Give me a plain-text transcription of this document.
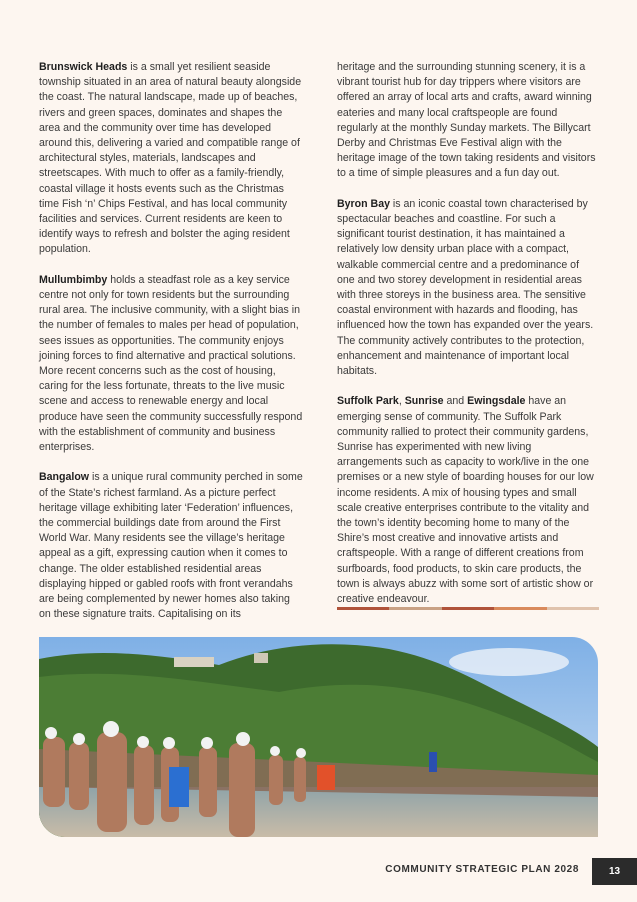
Brunswick Heads is a small yet resilient seaside township situated in an area of natural beauty alongside the coast. The natural landscape, made up of beaches, rivers and green spaces, dominates and shapes the area and the community over time has developed around this, delivering a varied and compatible range of architectural styles, materials, landscapes and streetscapes. With much to offer as a family-friendly, coastal village it hosts events such as the Christmas time Fish ‘n’ Chips Festival, and has local community facilities and services. Current residents are keen to identify ways to refresh and bolster the aging resident population.

Mullumbimby holds a steadfast role as a key service centre not only for town residents but the surrounding rural area. The inclusive community, with a slight bias in the number of females to males per head of population, sees issues as opportunities. The community enjoys joining forces to find alternative and practical solutions. More recent concerns such as the cost of housing, caring for the less fortunate, threats to the live music scene and access to renewable energy and local produce have seen the community successfully respond with the establishment of community and business enterprises.

Bangalow is a unique rural community perched in some of the State’s richest farmland. As a picture perfect heritage village exhibiting later ‘Federation’ influences, the commercial buildings date from around the First World War. Many residents see the village’s heritage appeal as a gift, expressing caution when it comes to change. The older established residential areas displaying hipped or gabled roofs with front verandahs are being complemented by newer homes also taking on these signature traits. Capitalising on its

heritage and the surrounding stunning scenery, it is a vibrant tourist hub for day trippers where visitors are offered an array of local arts and crafts, award winning eateries and many local craftspeople are found regularly at the monthly Sunday markets. The Billycart Derby and Christmas Eve Festival align with the heritage image of the town taking residents and visitors to a time of simple pleasures and a fun day out.

Byron Bay is an iconic coastal town characterised by spectacular beaches and coastline. For such a significant tourist destination, it has maintained a relatively low density urban place with a compact, walkable commercial centre and a predominance of one and two storey development in residential areas with three storeys in the business area. The sensitive coastal environment with hazards and flooding, has influenced how the town has expanded over the years. The community actively contributes to the protection, enhancement and maintenance of important local habitats.

Suffolk Park, Sunrise and Ewingsdale have an emerging sense of community. The Suffolk Park community rallied to protect their community gardens, Sunrise has experimented with new living arrangements such as capacity to work/live in the one premises or a new style of boarding houses for our low income residents. A mix of housing types and small scale creative enterprises contribute to the vitality and the town’s identity becoming home to many of the Shire’s most creative and innovative artists and craftspeople. With a range of different creations from surfboards, food products, to skin care products, the town is always abuzz with some sort of artistic show or creative endeavour.

COMMUNITY STRATEGIC PLAN 2028	13
